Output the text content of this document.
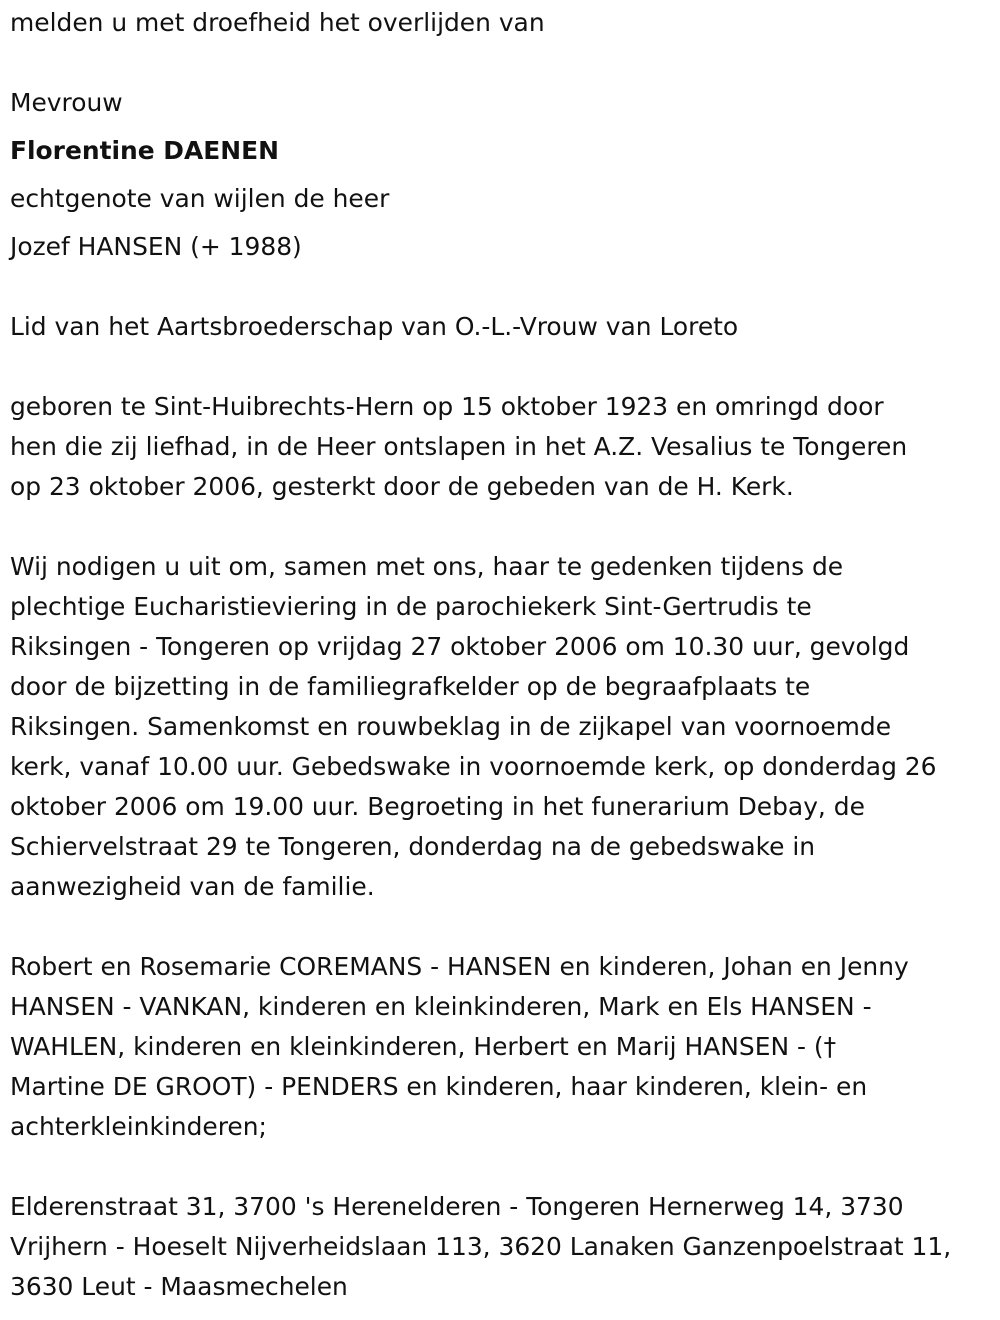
melden u met droefheid het overlijden van
Mevrouw
Florentine DAENEN
echtgenote van wijlen de heer
Jozef HANSEN (+ 1988)
Lid van het Aartsbroederschap van O.-L.-Vrouw van Loreto
geboren te Sint-Huibrechts-Hern op 15 oktober 1923 en omringd door
hen die zij liefhad, in de Heer ontslapen in het A.Z. Vesalius te Tongeren
op 23 oktober 2006, gesterkt door de gebeden van de H. Kerk.
Wij nodigen u uit om, samen met ons, haar te gedenken tijdens de
plechtige Eucharistieviering in de parochiekerk Sint-Gertrudis te
Riksingen - Tongeren op vrijdag 27 oktober 2006 om 10.30 uur, gevolgd
door de bijzetting in de familiegrafkelder op de begraafplaats te
Riksingen. Samenkomst en rouwbeklag in de zijkapel van voornoemde
kerk, vanaf 10.00 uur. Gebedswake in voornoemde kerk, op donderdag 26
oktober 2006 om 19.00 uur. Begroeting in het funerarium Debay, de
Schiervelstraat 29 te Tongeren, donderdag na de gebedswake in
aanwezigheid van de familie.
Robert en Rosemarie COREMANS - HANSEN en kinderen, Johan en Jenny
HANSEN - VANKAN, kinderen en kleinkinderen, Mark en Els HANSEN -
WAHLEN, kinderen en kleinkinderen, Herbert en Marij HANSEN - (†
Martine DE GROOT) - PENDERS en kinderen, haar kinderen, klein- en
achterkleinkinderen;
Elderenstraat 31, 3700 's Herenelderen - Tongeren Hernerweg 14, 3730
Vrijhern - Hoeselt Nijverheidslaan 113, 3620 Lanaken Ganzenpoelstraat 11,
3630 Leut - Maasmechelen
